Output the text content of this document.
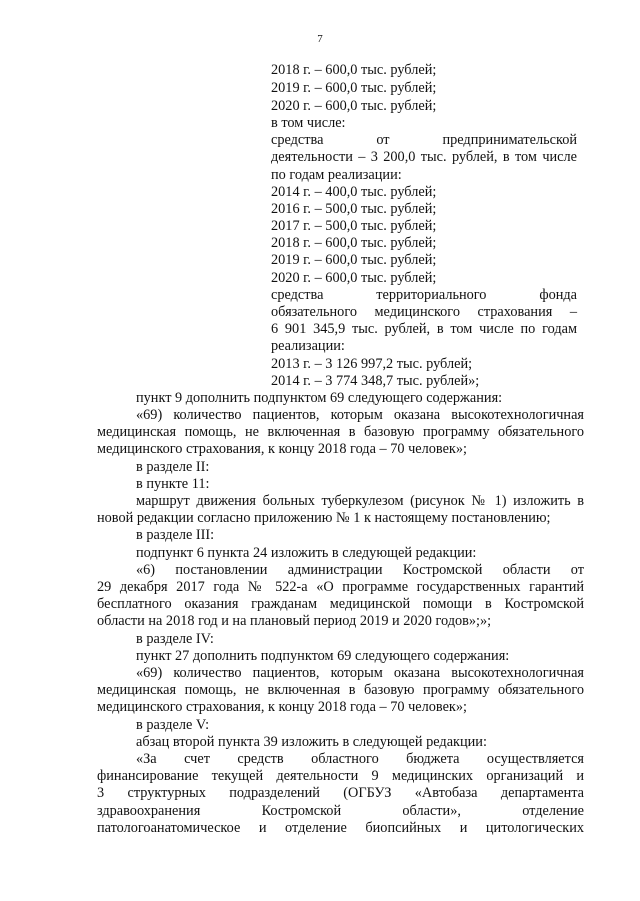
7
2018 г. – 600,0 тыс. рублей;
2019 г. – 600,0 тыс. рублей;
2020 г. – 600,0 тыс. рублей;
в том числе:
средства от предпринимательской
деятельности – 3 200,0 тыс. рублей, в том числе
по годам реализации:
2014 г. – 400,0 тыс. рублей;
2016 г. – 500,0 тыс. рублей;
2017 г. – 500,0 тыс. рублей;
2018 г. – 600,0 тыс. рублей;
2019 г. – 600,0 тыс. рублей;
2020 г. – 600,0 тыс. рублей;
средства территориального фонда
обязательного медицинского страхования –
6 901 345,9 тыс. рублей, в том числе по годам
реализации:
2013 г. – 3 126 997,2 тыс. рублей;
2014 г. – 3 774 348,7 тыс. рублей»;
пункт 9 дополнить подпунктом 69 следующего содержания:
«69) количество пациентов, которым оказана высокотехнологичная
медицинская помощь, не включенная в базовую программу обязательного
медицинского страхования, к концу 2018 года – 70 человек»;
в разделе II:
в пункте 11:
маршрут движения больных туберкулезом (рисунок № 1) изложить в
новой редакции согласно приложению № 1 к настоящему постановлению;
в разделе III:
подпункт 6 пункта 24 изложить в следующей редакции:
«6) постановлении администрации Костромской области от
29 декабря 2017 года № 522-а «О программе государственных гарантий
бесплатного оказания гражданам медицинской помощи в Костромской
области на 2018 год и на плановый период 2019 и 2020 годов»;»;
в разделе IV:
пункт 27 дополнить подпунктом 69 следующего содержания:
«69) количество пациентов, которым оказана высокотехнологичная
медицинская помощь, не включенная в базовую программу обязательного
медицинского страхования, к концу 2018 года – 70 человек»;
в разделе V:
абзац второй пункта 39 изложить в следующей редакции:
«За счет средств областного бюджета осуществляется
финансирование текущей деятельности 9 медицинских организаций и
3 структурных подразделений (ОГБУЗ «Автобаза департамента
здравоохранения Костромской области», отделение
патологоанатомическое и отделение биопсийных и цитологических
